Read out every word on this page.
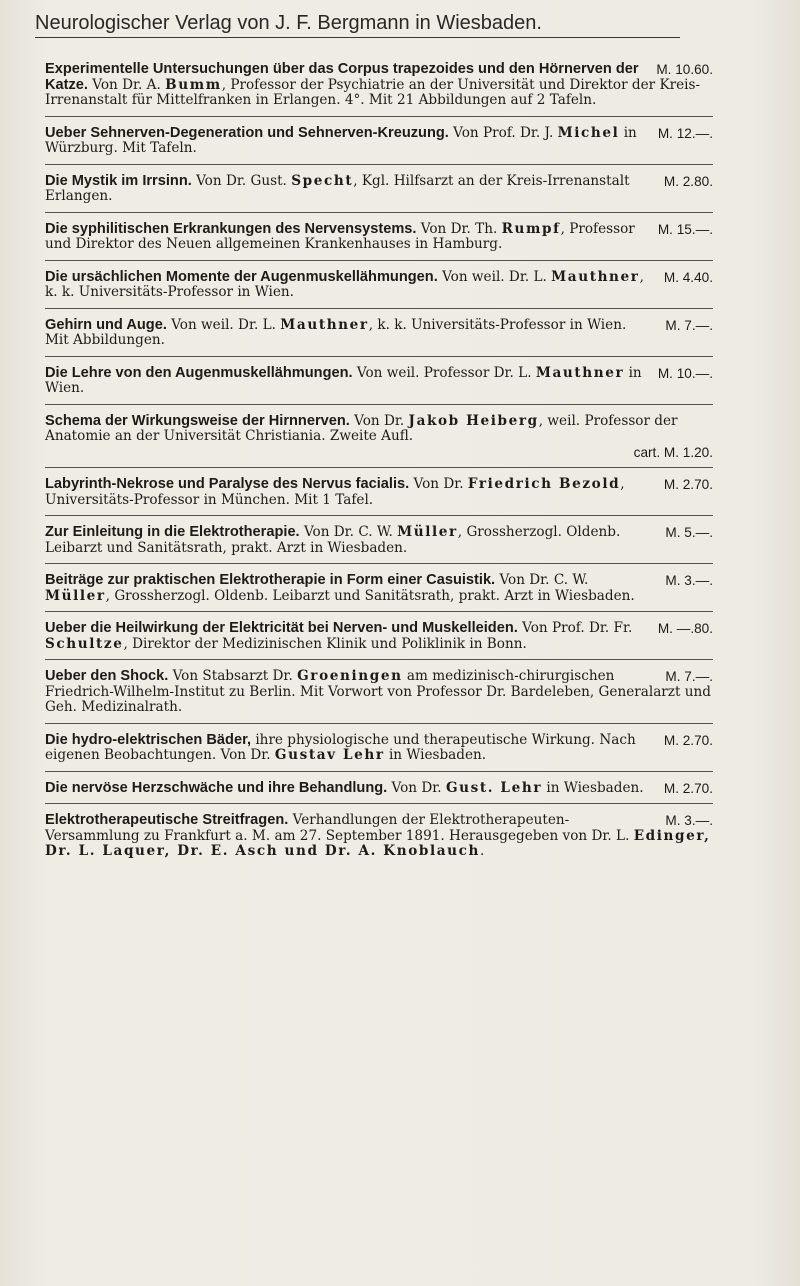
Neurologischer Verlag von J. F. Bergmann in Wiesbaden.
M. 10.60.
Experimentelle Untersuchungen über das Corpus trapezoides und den Hörnerven der Katze. Von Dr. A. Bumm, Professor der Psychiatrie an der Universität und Direktor der Kreis-Irrenanstalt für Mittelfranken in Erlangen. 4°. Mit 21 Abbildungen auf 2 Tafeln.
M. 12.—.
Ueber Sehnerven-Degeneration und Sehnerven-Kreuzung. Von Prof. Dr. J. Michel in Würzburg. Mit Tafeln.
M. 2.80.
Die Mystik im Irrsinn. Von Dr. Gust. Specht, Kgl. Hilfsarzt an der Kreis-Irrenanstalt Erlangen.
M. 15.—.
Die syphilitischen Erkrankungen des Nervensystems. Von Dr. Th. Rumpf, Professor und Direktor des Neuen allgemeinen Krankenhauses in Hamburg.
M. 4.40.
Die ursächlichen Momente der Augenmuskellähmungen. Von weil. Dr. L. Mauthner, k. k. Universitäts-Professor in Wien.
M. 7.—.
Gehirn und Auge. Von weil. Dr. L. Mauthner, k. k. Universitäts-Professor in Wien. Mit Abbildungen.
M. 10.—.
Die Lehre von den Augenmuskellähmungen. Von weil. Professor Dr. L. Mauthner in Wien.
Schema der Wirkungsweise der Hirnnerven. Von Dr. Jakob Heiberg, weil. Professor der Anatomie an der Universität Christiania. Zweite Aufl.
cart. M. 1.20.
M. 2.70.
Labyrinth-Nekrose und Paralyse des Nervus facialis. Von Dr. Friedrich Bezold, Universitäts-Professor in München. Mit 1 Tafel.
M. 5.—.
Zur Einleitung in die Elektrotherapie. Von Dr. C. W. Müller, Grossherzogl. Oldenb. Leibarzt und Sanitätsrath, prakt. Arzt in Wiesbaden.
M. 3.—.
Beiträge zur praktischen Elektrotherapie in Form einer Casuistik. Von Dr. C. W. Müller, Grossherzogl. Oldenb. Leibarzt und Sanitätsrath, prakt. Arzt in Wiesbaden.
M. —.80.
Ueber die Heilwirkung der Elektricität bei Nerven- und Muskelleiden. Von Prof. Dr. Fr. Schultze, Direktor der Medizinischen Klinik und Poliklinik in Bonn.
M. 7.—.
Ueber den Shock. Von Stabsarzt Dr. Groeningen am medizinisch-chirurgischen Friedrich-Wilhelm-Institut zu Berlin. Mit Vorwort von Professor Dr. Bardeleben, Generalarzt und Geh. Medizinalrath.
M. 2.70.
Die hydro-elektrischen Bäder, ihre physiologische und therapeutische Wirkung. Nach eigenen Beobachtungen. Von Dr. Gustav Lehr in Wiesbaden.
M. 2.70.
Die nervöse Herzschwäche und ihre Behandlung. Von Dr. Gust. Lehr in Wiesbaden.
M. 3.—.
Elektrotherapeutische Streitfragen. Verhandlungen der Elektrotherapeuten-Versammlung zu Frankfurt a. M. am 27. September 1891. Herausgegeben von Dr. L. Edinger, Dr. L. Laquer, Dr. E. Asch und Dr. A. Knoblauch.
